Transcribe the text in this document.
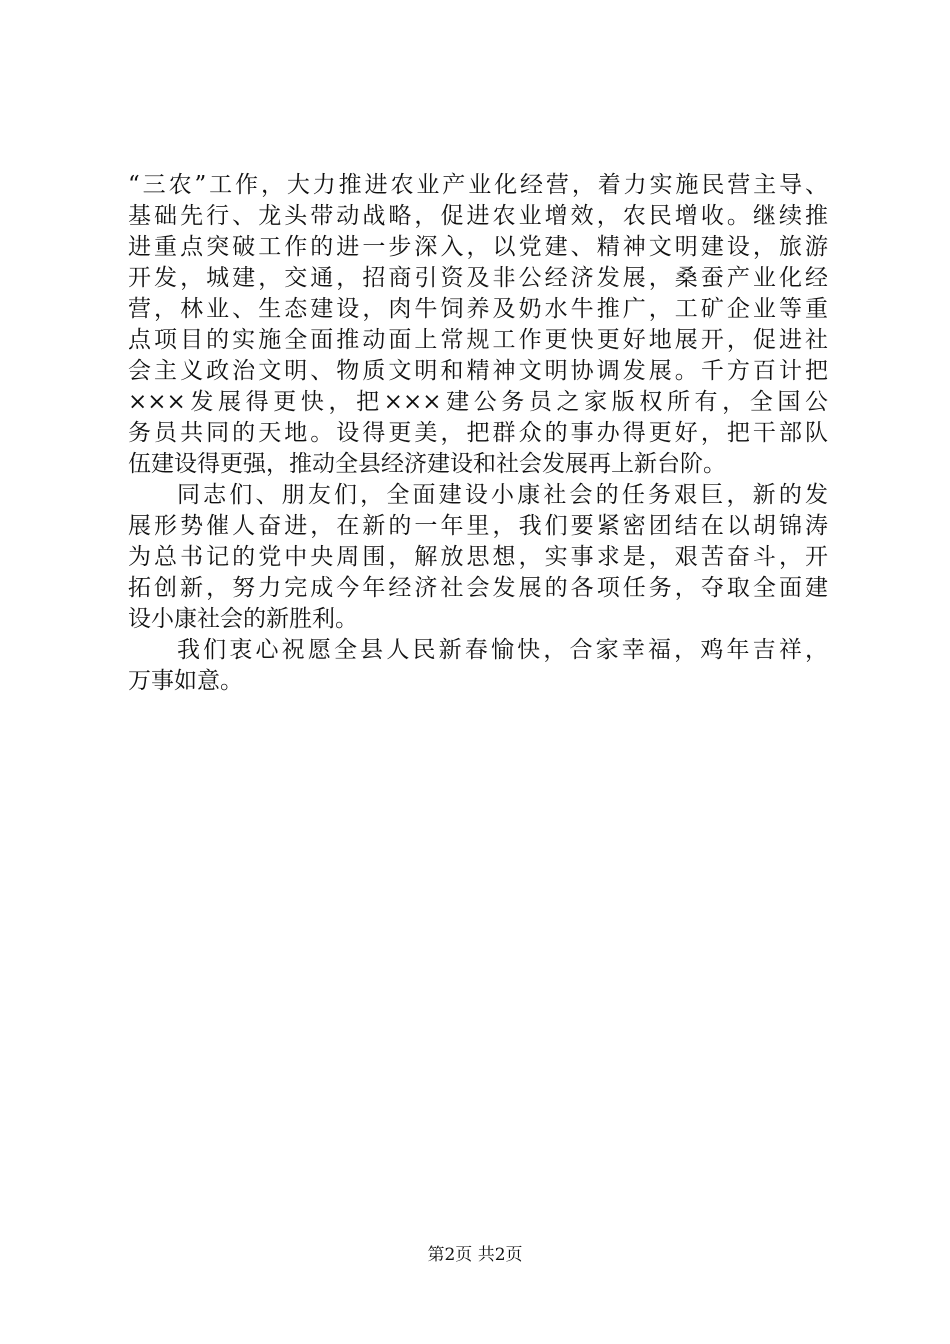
“三农”工作，大力推进农业产业化经营，着力实施民营主导、
基础先行、龙头带动战略，促进农业增效，农民增收。继续推
进重点突破工作的进一步深入，以党建、精神文明建设，旅游
开发，城建，交通，招商引资及非公经济发展，桑蚕产业化经
营，林业、生态建设，肉牛饲养及奶水牛推广，工矿企业等重
点项目的实施全面推动面上常规工作更快更好地展开，促进社
会主义政治文明、物质文明和精神文明协调发展。千方百计把
×××发展得更快，把×××建公务员之家版权所有，全国公
务员共同的天地。设得更美，把群众的事办得更好，把干部队
伍建设得更强，推动全县经济建设和社会发展再上新台阶。
同志们、朋友们，全面建设小康社会的任务艰巨，新的发
展形势催人奋进，在新的一年里，我们要紧密团结在以胡锦涛
为总书记的党中央周围，解放思想，实事求是，艰苦奋斗，开
拓创新，努力完成今年经济社会发展的各项任务，夺取全面建
设小康社会的新胜利。
我们衷心祝愿全县人民新春愉快，合家幸福，鸡年吉祥，
万事如意。
第2页 共2页
